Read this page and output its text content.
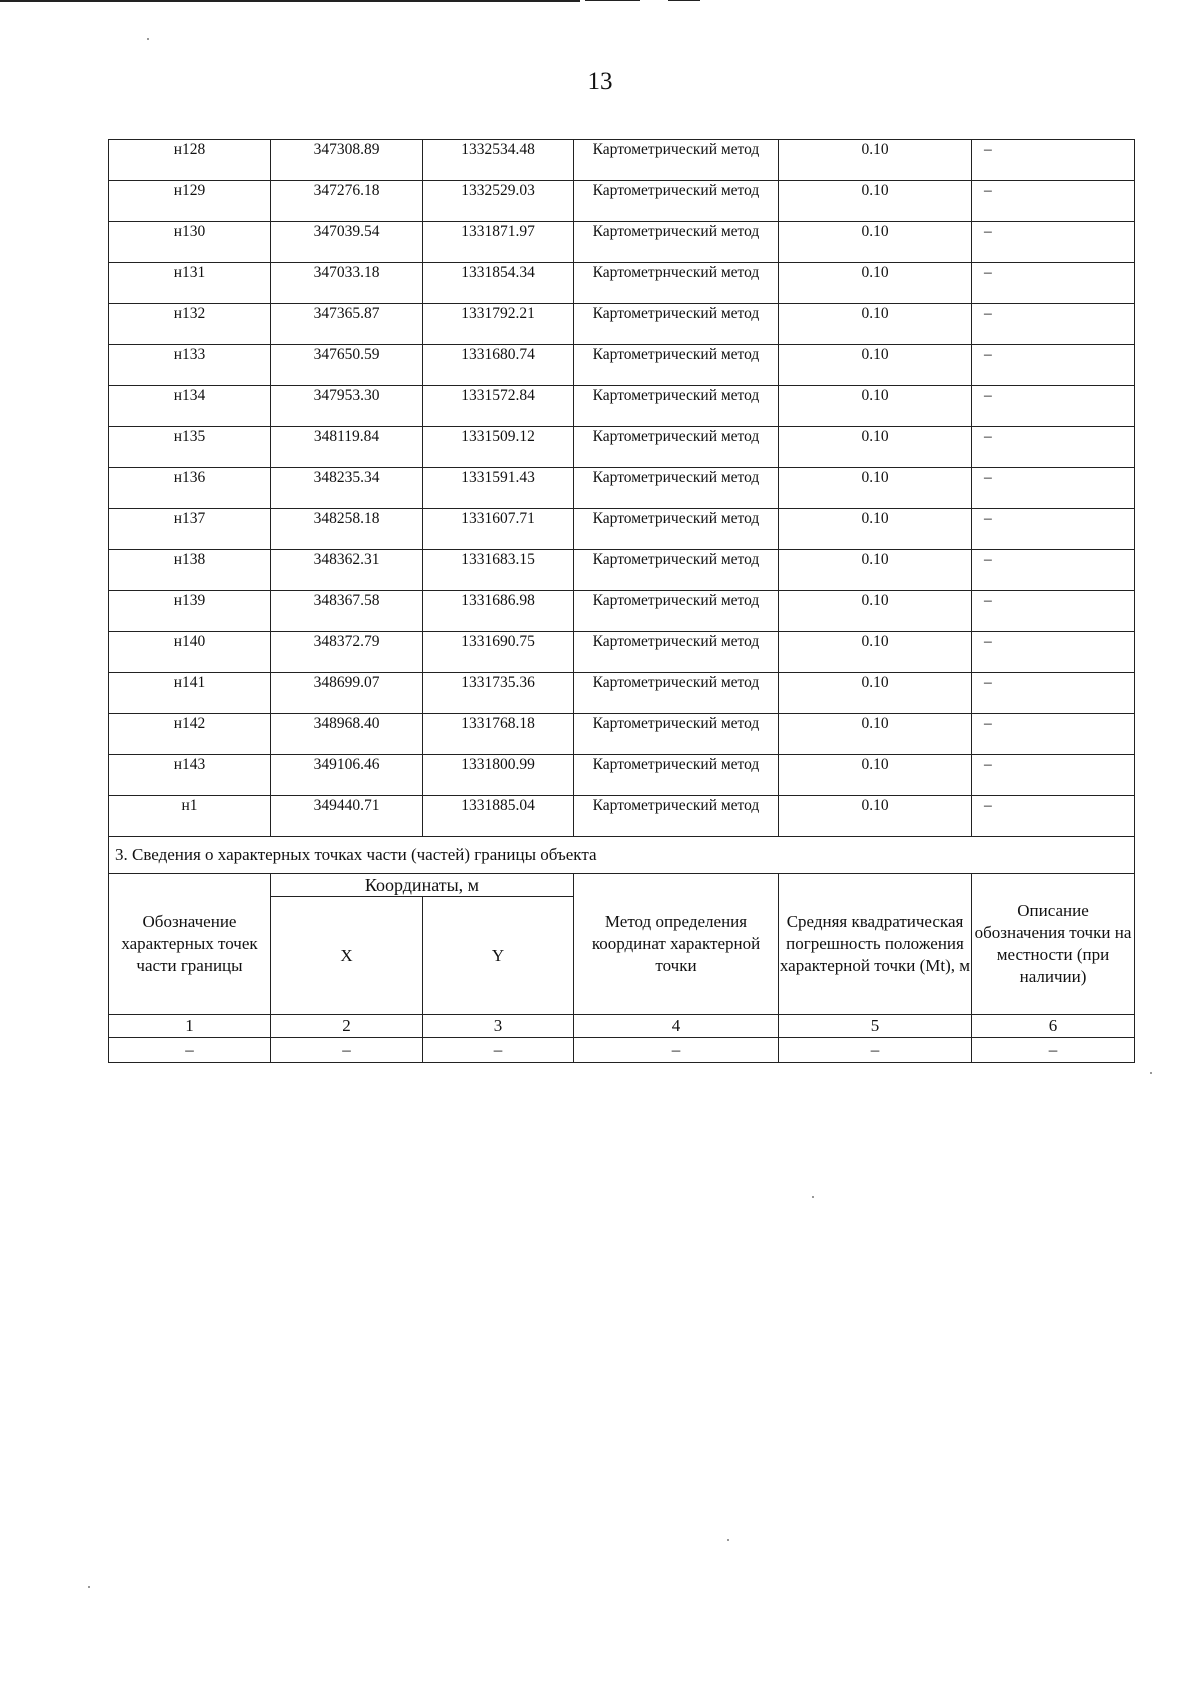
13
н128	347308.89	1332534.48	Картометрический метод	0.10	–
н129	347276.18	1332529.03	Картометрический метод	0.10	–
н130	347039.54	1331871.97	Картометрический метод	0.10	–
н131	347033.18	1331854.34	Картометрнческий метод	0.10	–
н132	347365.87	1331792.21	Картометрический метод	0.10	–
н133	347650.59	1331680.74	Картометрический метод	0.10	–
н134	347953.30	1331572.84	Картометрический метод	0.10	–
н135	348119.84	1331509.12	Картометрический метод	0.10	–
н136	348235.34	1331591.43	Картометрический метод	0.10	–
н137	348258.18	1331607.71	Картометрический метод	0.10	–
н138	348362.31	1331683.15	Картометрический метод	0.10	–
н139	348367.58	1331686.98	Картометрический метод	0.10	–
н140	348372.79	1331690.75	Картометрический метод	0.10	–
н141	348699.07	1331735.36	Картометрический метод	0.10	–
н142	348968.40	1331768.18	Картометрический метод	0.10	–
н143	349106.46	1331800.99	Картометрический метод	0.10	–
н1	349440.71	1331885.04	Картометрический метод	0.10	–
3. Сведения о характерных точках части (частей) границы объекта					
Обозначение характерных точек части границы	Координаты, м		Метод определения координат характерной точки	Средняя квадратическая погрешность положения характерной точки (Mt), м	Описание обозначения точки на местности (при наличии)
	X	Y			
1	2	3	4	5	6
–	–	–	–	–	–
